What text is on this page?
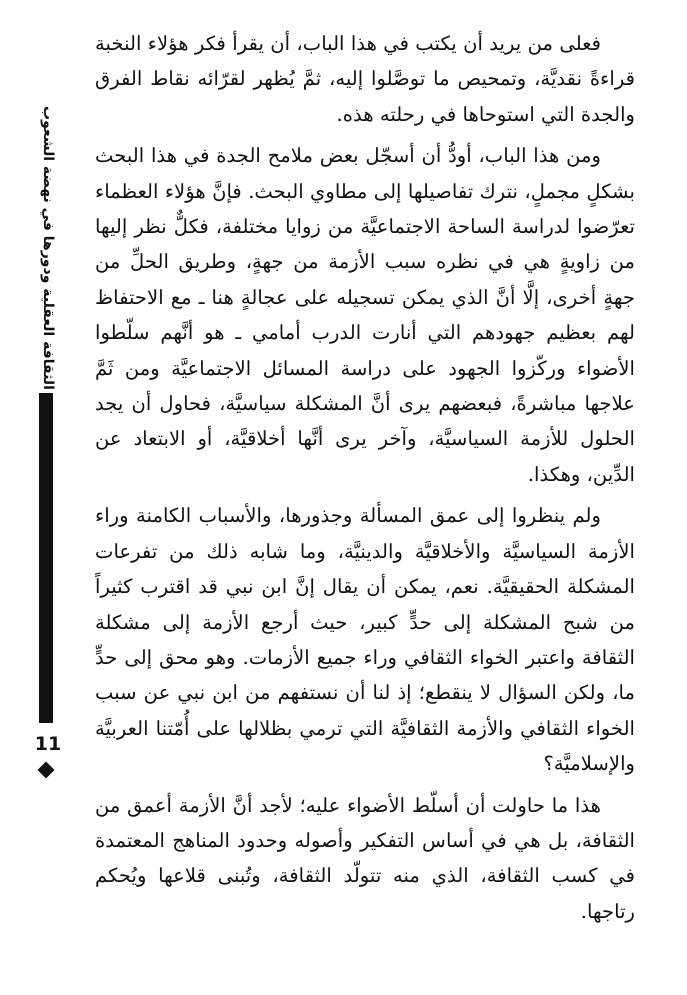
الثقافة العقلية ودورها في نهضة الشعوب
11

فعلى من يريد أن يكتب في هذا الباب، أن يقرأ فكر هؤلاء النخبة قراءةً نقديَّة، وتمحيص ما توصَّلوا إليه، ثمَّ يُظهر لقرّائه نقاط الفرق والجدة التي استوحاها في رحلته هذه.

ومن هذا الباب، أودُّ أن أسجّل بعض ملامح الجدة في هذا البحث بشكلٍ مجملٍ، نترك تفاصيلها إلى مطاوي البحث. فإنَّ هؤلاء العظماء تعرّضوا لدراسة الساحة الاجتماعيَّة من زوايا مختلفة، فكلٌّ نظر إليها من زاويةٍ هي في نظره سبب الأزمة من جهةٍ، وطريق الحلِّ من جهةٍ أخرى، إلَّا أنَّ الذي يمكن تسجيله على عجالةٍ هنا ـ مع الاحتفاظ لهم بعظيم جهودهم التي أنارت الدرب أمامي ـ هو أنَّهم سلّطوا الأضواء وركّزوا الجهود على دراسة المسائل الاجتماعيَّة ومن ثَمَّ علاجها مباشرةً، فبعضهم يرى أنَّ المشكلة سياسيَّة، فحاول أن يجد الحلول للأزمة السياسيَّة، وآخر يرى أنَّها أخلاقيَّة، أو الابتعاد عن الدِّين، وهكذا.

ولم ينظروا إلى عمق المسألة وجذورها، والأسباب الكامنة وراء الأزمة السياسيَّة والأخلاقيَّة والدينيَّة، وما شابه ذلك من تفرعات المشكلة الحقيقيَّة. نعم، يمكن أن يقال إنَّ ابن نبي قد اقترب كثيراً من شبح المشكلة إلى حدٍّ كبير، حيث أرجع الأزمة إلى مشكلة الثقافة واعتبر الخواء الثقافي وراء جميع الأزمات. وهو محق إلى حدٍّ ما، ولكن السؤال لا ينقطع؛ إذ لنا أن نستفهم من ابن نبي عن سبب الخواء الثقافي والأزمة الثقافيَّة التي ترمي بظلالها على أُمّتنا العربيَّة والإسلاميَّة؟

هذا ما حاولت أن أسلّط الأضواء عليه؛ لأجد أنَّ الأزمة أعمق من الثقافة، بل هي في أساس التفكير وأصوله وحدود المناهج المعتمدة في كسب الثقافة، الذي منه تتولّد الثقافة، وتُبنى قلاعها ويُحكم رتاجها.
